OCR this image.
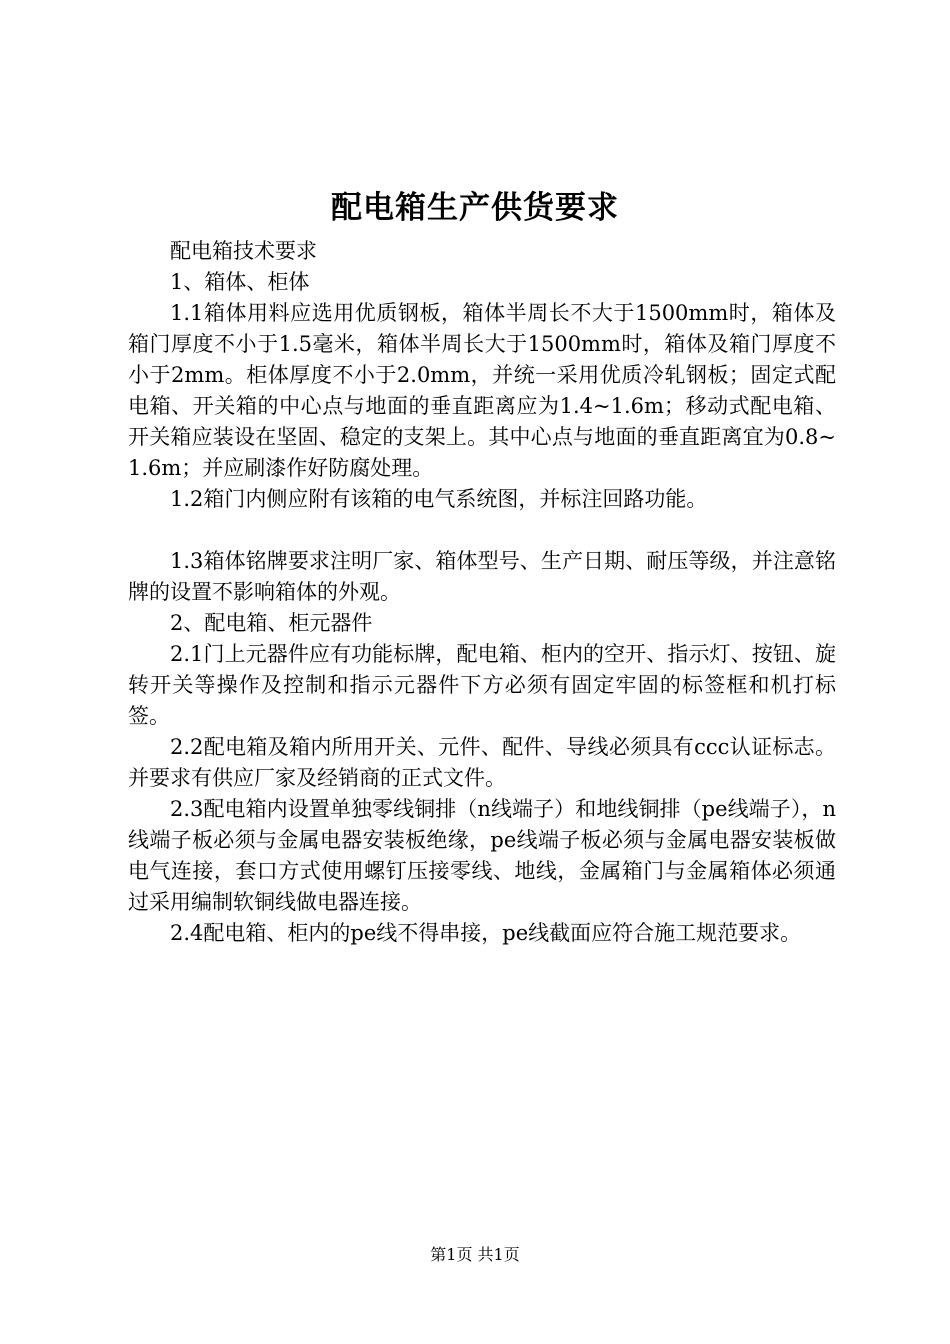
配电箱生产供货要求

配电箱技术要求

1、箱体、柜体

1.1箱体用料应选用优质钢板，箱体半周长不大于1500mm时，箱体及箱门厚度不小于1.5毫米，箱体半周长大于1500mm时，箱体及箱门厚度不小于2mm。柜体厚度不小于2.0mm，并统一采用优质冷轧钢板；固定式配电箱、开关箱的中心点与地面的垂直距离应为1.4~1.6m；移动式配电箱、开关箱应装设在坚固、稳定的支架上。其中心点与地面的垂直距离宜为0.8~1.6m；并应刷漆作好防腐处理。

1.2箱门内侧应附有该箱的电气系统图，并标注回路功能。

1.3箱体铭牌要求注明厂家、箱体型号、生产日期、耐压等级，并注意铭牌的设置不影响箱体的外观。

2、配电箱、柜元器件

2.1门上元器件应有功能标牌，配电箱、柜内的空开、指示灯、按钮、旋转开关等操作及控制和指示元器件下方必须有固定牢固的标签框和机打标签。

2.2配电箱及箱内所用开关、元件、配件、导线必须具有ccc认证标志。并要求有供应厂家及经销商的正式文件。

2.3配电箱内设置单独零线铜排（n线端子）和地线铜排（pe线端子），n线端子板必须与金属电器安装板绝缘，pe线端子板必须与金属电器安装板做电气连接，套口方式使用螺钉压接零线、地线，金属箱门与金属箱体必须通过采用编制软铜线做电器连接。

2.4配电箱、柜内的pe线不得串接，pe线截面应符合施工规范要求。

第1页 共1页
